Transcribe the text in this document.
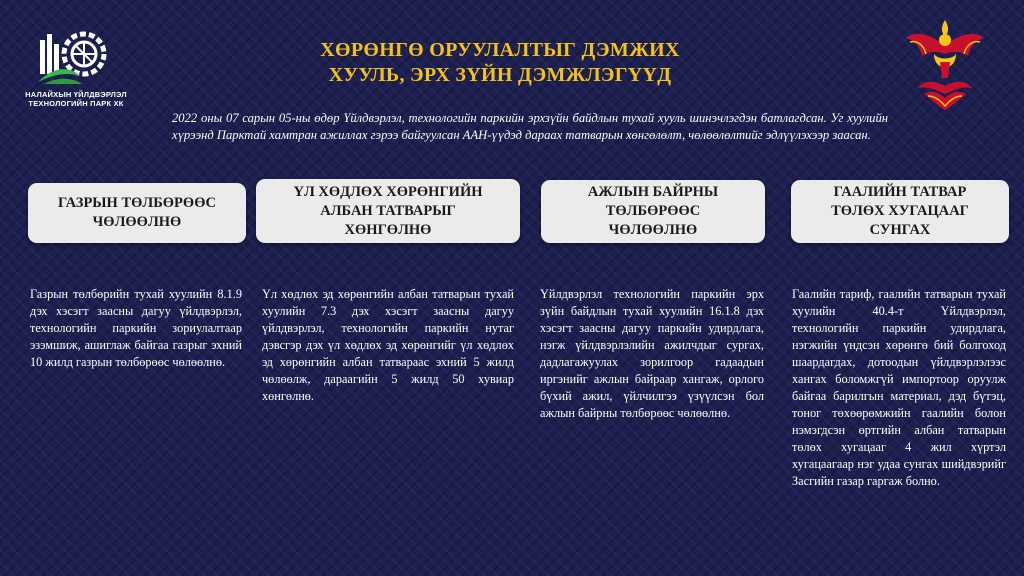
НАЛАЙХЫН ҮЙЛДВЭРЛЭЛ
ТЕХНОЛОГИЙН ПАРК ХК
ХӨРӨНГӨ ОРУУЛАЛТЫГ ДЭМЖИХ
ХУУЛЬ, ЭРХ ЗҮЙН ДЭМЖЛЭГҮҮД
2022 оны 07 сарын 05-ны өдөр Үйлдвэрлэл, технологийн паркийн эрхзүйн байдлын тухай хууль шинэчлэгдэн батлагдсан. Уг хуулийн хүрээнд Парктай хамтран ажиллах гэрээ байгуулсан ААН-үүдэд дараах татварын хөнгөлөлт, чөлөөлөлтийг эдлүүлэхээр заасан.
ГАЗРЫН ТӨЛБӨРӨӨС
ЧӨЛӨӨЛНӨ
ҮЛ ХӨДЛӨХ ХӨРӨНГИЙН
АЛБАН ТАТВАРЫГ
ХӨНГӨЛНӨ
АЖЛЫН БАЙРНЫ
ТӨЛБӨРӨӨС
ЧӨЛӨӨЛНӨ
ГААЛИЙН ТАТВАР
ТӨЛӨХ ХУГАЦААГ
СУНГАХ
Газрын төлбөрийн тухай хуулийн 8.1.9 дэх хэсэгт заасны дагуу үйлдвэрлэл, технологийн паркийн зориулалтаар эзэмшиж, ашиглаж байгаа газрыг эхний 10 жилд газрын төлбөрөөс чөлөөлнө.
Үл хөдлөх эд хөрөнгийн албан татварын тухай хуулийн 7.3 дэх хэсэгт заасны дагуу үйлдвэрлэл, технологийн паркийн нутаг дэвсгэр дэх үл хөдлөх эд хөрөнгийг үл хөдлөх эд хөрөнгийн албан татвараас эхний 5 жилд чөлөөлж, дараагийн 5 жилд 50 хувиар хөнгөлнө.
Үйлдвэрлэл технологийн паркийн эрх зүйн байдлын тухай хуулийн 16.1.8 дэх хэсэгт заасны дагуу паркийн удирдлага, нэгж үйлдвэрлэлийн ажилчдыг сургах, дадлагажуулах зорилгоор гадаадын иргэнийг ажлын байраар хангаж, орлого бүхий ажил, үйлчилгээ үзүүлсэн бол ажлын байрны төлбөрөөс чөлөөлнө.
Гаалийн тариф, гаалийн татварын тухай хуулийн 40.4-т Үйлдвэрлэл, технологийн паркийн удирдлага, нэгжийн үндсэн хөрөнгө бий болгоход шаардагдах, дотоодын үйлдвэрлэлээс хангах боломжгүй импортоор оруулж байгаа барилгын материал, дэд бүтэц, тоног төхөөрөмжийн гаалийн болон нэмэгдсэн өртгийн албан татварын төлөх хугацааг 4 жил хүртэл хугацаагаар нэг удаа сунгах шийдвэрийг Засгийн газар гаргаж болно.
